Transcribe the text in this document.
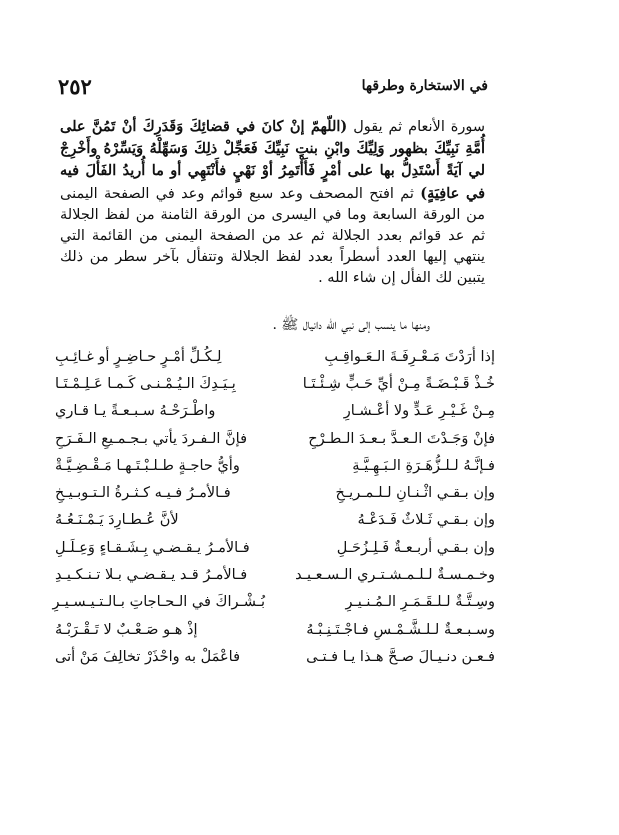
٢٥٢	في الاستخارة وطرقها

سورة الأنعام ثم يقول (اللّهمّ إنْ كانَ في قضائِكَ وَقَدَرِكَ أنْ تَمُنَّ على أُمَّةِ نَبِيِّكَ بظهور وَلِيِّكَ وابْنِ بنتِ نَبِيِّكَ فَعَجِّلْ ذلِكَ وَسَهِّلْهُ وَيَسِّرْهُ وأَخْرِجْ لي آيَةً أَسْتَدِلُّ بها على أمْرٍ فَأَأْتَمِرُ أوْ نَهْيٍ فأَنْتَهِي أو ما أُريدُ الفَأْلَ فيه في عافِيَةٍ) ثم افتح المصحف وعد سبع قوائم وعد في الصفحة اليمنى من الورقة السابعة وما في اليسرى من الورقة الثامنة من لفظ الجلالة ثم عد قوائم بعدد الجلالة ثم عد من الصفحة اليمنى من القائمة التي ينتهي إليها العدد أسطراً بعدد لفظ الجلالة وتتفأل بآخر سطر من ذلك يتبين لك الفأل إن شاء الله .

ومنها ما ينسب إلى نبي الله دانيال ﷺ .
إذا أرَدْتَ مَـعْـرِفَـةَ الـعَـواقِـبِ
لِـكُـلِّ أمْـرٍ حـاضِـرٍ أو غـائِـبِ
خُـذْ قَـبْـضَـةً مِـنْ أيِّ حَـبٍّ شِـئْـتَـا
بِـيَـدِكَ الـيُـمْـنـى كَـمـا عَـلِـمْـتَـا
مِـنْ غَـيْـرِ عَـدٍّ ولا أعْـشـارِ
واطْـرَحْـهُ سـبـعـةً يـا قـاري
فإنْ وَجَـدْتَ الـعـدَّ بـعـدَ الـطـرْحِ
فإنَّ الـفـردَ يأتي بـجـمـيعِ الـفَـرَحِ
فـإنَّـهُ لـلـزُّهَـرَةِ الـبَـهِـيَّـةِ
وأيُّ حاجـةٍ طـلـبْـتَـهـا مَـقْـضِـيَّـةْ
وإن بـقـي اثْـنـانِ لـلـمـريـخِ
فـالأمـرُ فـيـه كـثـرةُ الـتـوبـيـخِ
وإن بـقـي ثَـلاثٌ فَـدَعْـهُ
لأنَّ عُـطـارِدَ يَـمْـنَـعُـهُ
وإن بـقـي أربـعـةٌ فَـلِـزُحَـلِ
فـالأمـرُ يـقـضـي بِـشَـقـاءٍ وَعِـلَـلِ
وخـمـسـةٌ لـلـمـشـتـري الـسـعـيـد
فـالأمـرُ قـد يـقـضـي بـلا تـنـكـيـدِ
وسِـتَّـةٌ لـلـقَـمَـرِ الـمُـنـيـرِ
بُـشْـراكَ في الـحـاجاتِ بـالـتـيـسـيـرِ
وسـبـعـةٌ لـلـشَّـمْـسِ فـاجْـتَـنِـبْـهُ
إذْ هـو صَـعْـبٌ لا تَـقْـرَبْـهُ
فـعـن دنـيـالَ صـحَّ هـذا يـا فـتـى
فاعْمَلْ به واحْذَرْ تخالِفَ مَنْ أتى
